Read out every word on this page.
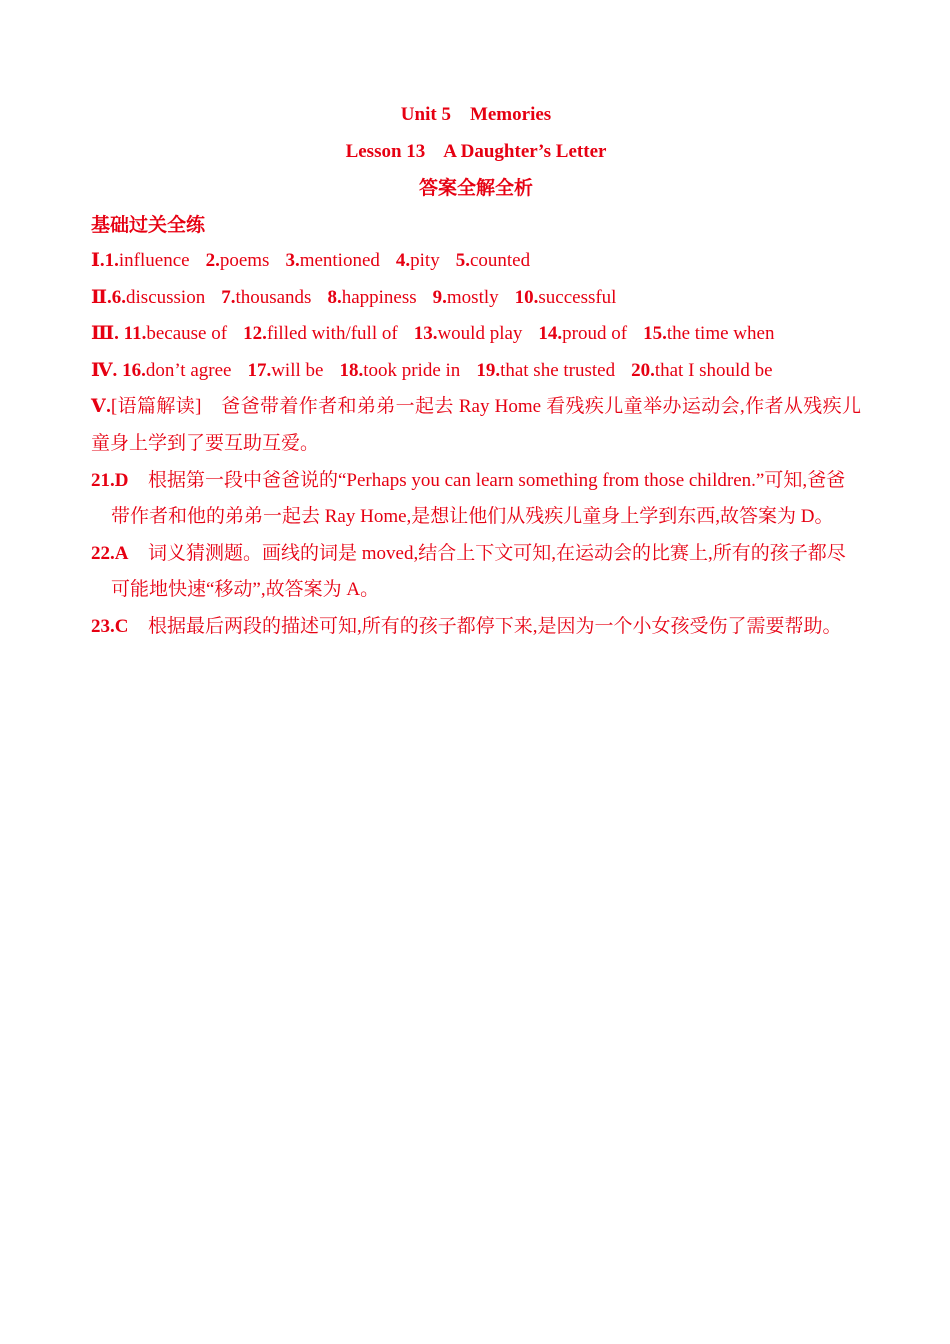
Unit 5    Memories
Lesson 13    A Daughter’s Letter
答案全解全析
基础过关全练
Ⅰ.1.influence 2.poems 3.mentioned 4.pity 5.counted
Ⅱ.6.discussion 7.thousands 8.happiness 9.mostly 10.successful
Ⅲ. 11.because of 12.filled with/full of 13.would play 14.proud of 15.the time when
Ⅳ. 16.don’t agree 17.will be 18.took pride in 19.that she trusted 20.that I should be
Ⅴ.[语篇解读]　爸爸带着作者和弟弟一起去 Ray Home 看残疾儿童举办运动会,作者从残疾儿童身上学到了要互助互爱。
21.D 根据第一段中爸爸说的“Perhaps you can learn something from those children.”可知,爸爸带作者和他的弟弟一起去 Ray Home,是想让他们从残疾儿童身上学到东西,故答案为 D。
22.A 词义猜测题。画线的词是 moved,结合上下文可知,在运动会的比赛上,所有的孩子都尽可能地快速“移动”,故答案为 A。
23.C 根据最后两段的描述可知,所有的孩子都停下来,是因为一个小女孩受伤了需要帮助。
